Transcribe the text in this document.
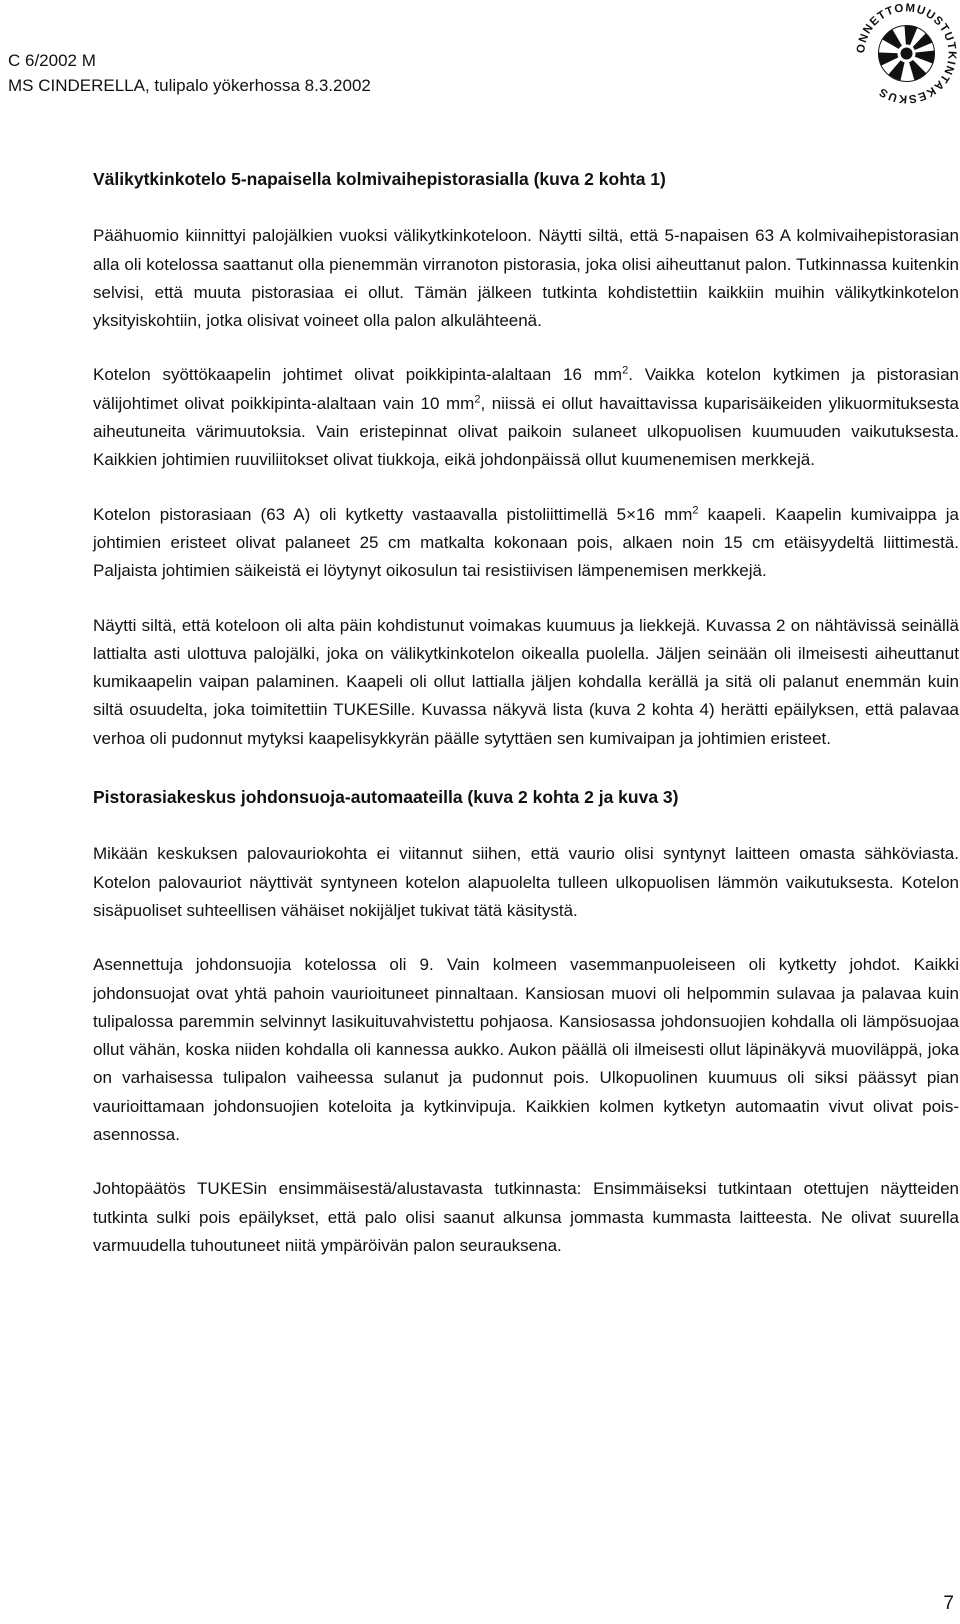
C 6/2002 M
MS CINDERELLA, tulipalo yökerhossa 8.3.2002
ONNETTOMUUSTUTKINTAKESKUS
Välikytkinkotelo 5-napaisella kolmivaihepistorasialla (kuva 2 kohta 1)

Päähuomio kiinnittyi palojälkien vuoksi välikytkinkoteloon. Näytti siltä, että 5-napaisen 63 A kolmivaihepistorasian alla oli kotelossa saattanut olla pienemmän virranoton pistorasia, joka olisi aiheuttanut palon. Tutkinnassa kuitenkin selvisi, että muuta pistorasiaa ei ollut. Tämän jälkeen tutkinta kohdistettiin kaikkiin muihin välikytkinkotelon yksityiskohtiin, jotka olisivat voineet olla palon alkulähteenä.

Kotelon syöttökaapelin johtimet olivat poikkipinta-alaltaan 16 $mm^2$. Vaikka kotelon kytkimen ja pistorasian välijohtimet olivat poikkipinta-alaltaan vain 10 $mm^2$, niissä ei ollut havaittavissa kuparisäikeiden ylikuormituksesta aiheutuneita värimuutoksia. Vain eristepinnat olivat paikoin sulaneet ulkopuolisen kuumuuden vaikutuksesta. Kaikkien johtimien ruuviliitokset olivat tiukkoja, eikä johdonpäissä ollut kuumenemisen merkkejä.

Kotelon pistorasiaan (63 A) oli kytketty vastaavalla pistoliittimellä 5×16 $mm^2$ kaapeli. Kaapelin kumivaippa ja johtimien eristeet olivat palaneet 25 cm matkalta kokonaan pois, alkaen noin 15 cm etäisyydeltä liittimestä. Paljaista johtimien säikeistä ei löytynyt oikosulun tai resistiivisen lämpenemisen merkkejä.

Näytti siltä, että koteloon oli alta päin kohdistunut voimakas kuumuus ja liekkejä. Kuvassa 2 on nähtävissä seinällä lattialta asti ulottuva palojälki, joka on välikytkinkotelon oikealla puolella. Jäljen seinään oli ilmeisesti aiheuttanut kumikaapelin vaipan palaminen. Kaapeli oli ollut lattialla jäljen kohdalla kerällä ja sitä oli palanut enemmän kuin siltä osuudelta, joka toimitettiin TUKESille. Kuvassa näkyvä lista (kuva 2 kohta 4) herätti epäilyksen, että palavaa verhoa oli pudonnut mytyksi kaapelisykkyrän päälle sytyttäen sen kumivaipan ja johtimien eristeet.

Pistorasiakeskus johdonsuoja-automaateilla (kuva 2 kohta 2 ja kuva 3)

Mikään keskuksen palovauriokohta ei viitannut siihen, että vaurio olisi syntynyt laitteen omasta sähköviasta. Kotelon palovauriot näyttivät syntyneen kotelon alapuolelta tulleen ulkopuolisen lämmön vaikutuksesta. Kotelon sisäpuoliset suhteellisen vähäiset nokijäljet tukivat tätä käsitystä.

Asennettuja johdonsuojia kotelossa oli 9. Vain kolmeen vasemmanpuoleiseen oli kytketty johdot. Kaikki johdonsuojat ovat yhtä pahoin vaurioituneet pinnaltaan. Kansiosan muovi oli helpommin sulavaa ja palavaa kuin tulipalossa paremmin selvinnyt lasikuituvahvistettu pohjaosa. Kansiosassa johdonsuojien kohdalla oli lämpösuojaa ollut vähän, koska niiden kohdalla oli kannessa aukko. Aukon päällä oli ilmeisesti ollut läpinäkyvä muoviläppä, joka on varhaisessa tulipalon vaiheessa sulanut ja pudonnut pois. Ulkopuolinen kuumuus oli siksi päässyt pian vaurioittamaan johdonsuojien koteloita ja kytkinvipuja. Kaikkien kolmen kytketyn automaatin vivut olivat pois-asennossa.

Johtopäätös TUKESin ensimmäisestä/alustavasta tutkinnasta: Ensimmäiseksi tutkintaan otettujen näytteiden tutkinta sulki pois epäilykset, että palo olisi saanut alkunsa jommasta kummasta laitteesta. Ne olivat suurella varmuudella tuhoutuneet niitä ympäröivän palon seurauksena.

7
